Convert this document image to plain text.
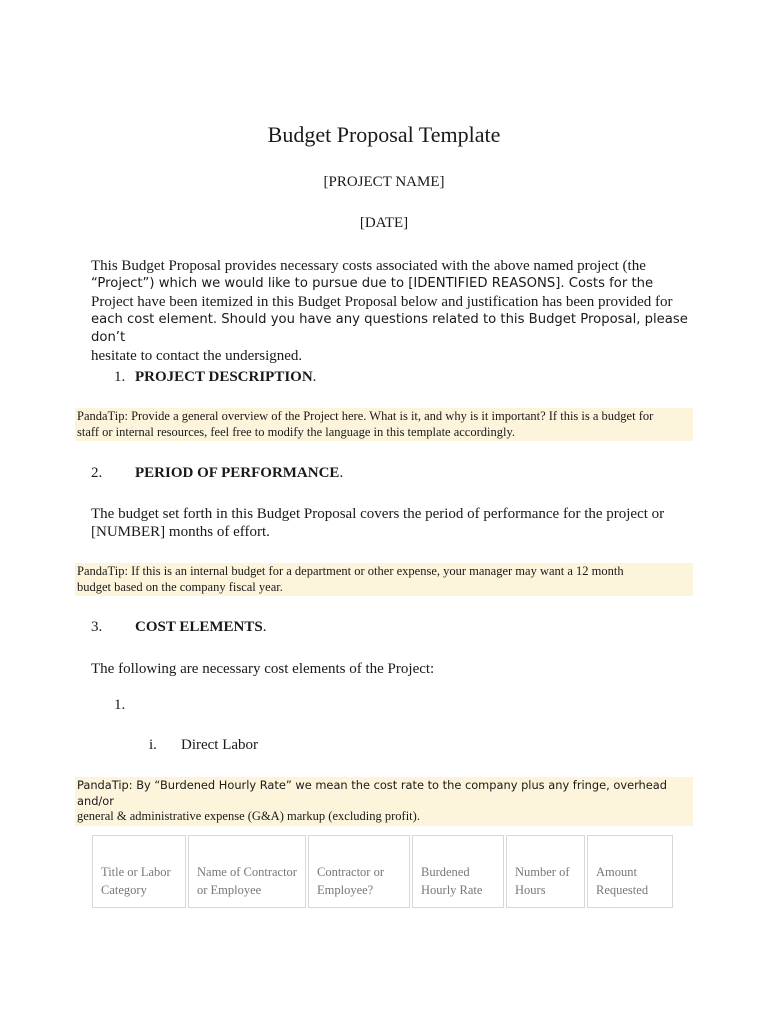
Budget Proposal Template
[PROJECT NAME]
[DATE]
This Budget Proposal provides necessary costs associated with the above named project (the
“Project”) which we would like to pursue due to [IDENTIFIED REASONS]. Costs for the
Project have been itemized in this Budget Proposal below and justification has been provided for
each cost element. Should you have any questions related to this Budget Proposal, please don’t
hesitate to contact the undersigned.
1. PROJECT DESCRIPTION.
PandaTip: Provide a general overview of the Project here. What is it, and why is it important? If this is a budget for
staff or internal resources, feel free to modify the language in this template accordingly.
2. PERIOD OF PERFORMANCE.
The budget set forth in this Budget Proposal covers the period of performance for the project or
[NUMBER] months of effort.
PandaTip: If this is an internal budget for a department or other expense, your manager may want a 12 month
budget based on the company fiscal year.
3. COST ELEMENTS.
The following are necessary cost elements of the Project:
1.
i. Direct Labor
PandaTip: By “Burdened Hourly Rate” we mean the cost rate to the company plus any fringe, overhead and/or
general & administrative expense (G&A) markup (excluding profit).
Title or Labor
Category
Name of Contractor
or Employee
Contractor or
Employee?
Burdened
Hourly Rate
Number of
Hours
Amount
Requested
